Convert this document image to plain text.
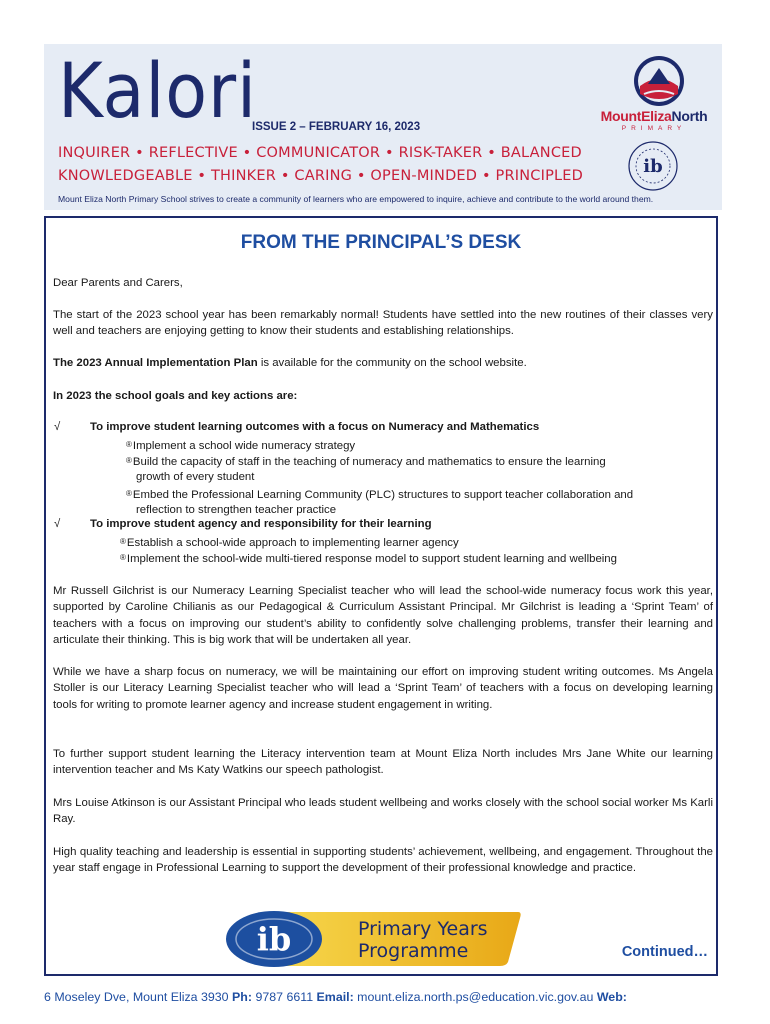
Kalori
ISSUE 2 – FEBRUARY 16, 2023
INQUIRER • REFLECTIVE • COMMUNICATOR • RISK-TAKER • BALANCED
KNOWLEDGEABLE • THINKER • CARING • OPEN-MINDED • PRINCIPLED
Mount Eliza North Primary School strives to create a community of learners who are empowered to inquire, achieve and contribute to the world around them.
MountElizaNorth
PRIMARY
ib
FROM THE PRINCIPAL’S DESK
Dear Parents and Carers,
The start of the 2023 school year has been remarkably normal! Students have settled into the new routines of their classes very well and teachers are enjoying getting to know their students and establishing relationships.
The 2023 Annual Implementation Plan is available for the community on the school website.
In 2023 the school goals and key actions are:
√	To improve student learning outcomes with a focus on Numeracy and Mathematics
®Implement a school wide numeracy strategy
®Build the capacity of staff in the teaching of numeracy and mathematics to ensure the learning
growth of every student
®Embed the Professional Learning Community (PLC) structures to support teacher collaboration and
reflection to strengthen teacher practice
√	To improve student agency and responsibility for their learning
®Establish a school-wide approach to implementing learner agency
®Implement the school-wide multi-tiered response model to support student learning and wellbeing
Mr Russell Gilchrist is our Numeracy Learning Specialist teacher who will lead the school-wide numeracy focus work this year, supported by Caroline Chilianis as our Pedagogical & Curriculum Assistant Principal. Mr Gilchrist is leading a ‘Sprint Team’ of teachers with a focus on improving our student’s ability to confidently solve challenging problems, transfer their learning and articulate their thinking. This is big work that will be undertaken all year.
While we have a sharp focus on numeracy, we will be maintaining our effort on improving student writing outcomes. Ms Angela Stoller is our Literacy Learning Specialist teacher who will lead a ‘Sprint Team’ of teachers with a focus on developing learning tools for writing to promote learner agency and increase student engagement in writing.
To further support student learning the Literacy intervention team at Mount Eliza North includes Mrs Jane White our learning intervention teacher and Ms Katy Watkins our speech pathologist.
Mrs Louise Atkinson is our Assistant Principal who leads student wellbeing and works closely with the school social worker Ms Karli Ray.
High quality teaching and leadership is essential in supporting students’ achievement, wellbeing, and engagement. Throughout the year staff engage in Professional Learning to support the development of their professional knowledge and practice.
ib	Primary Years
Programme	Continued…
6 Moseley Dve, Mount Eliza 3930 Ph: 9787 6611 Email: mount.eliza.north.ps@education.vic.gov.au Web:
